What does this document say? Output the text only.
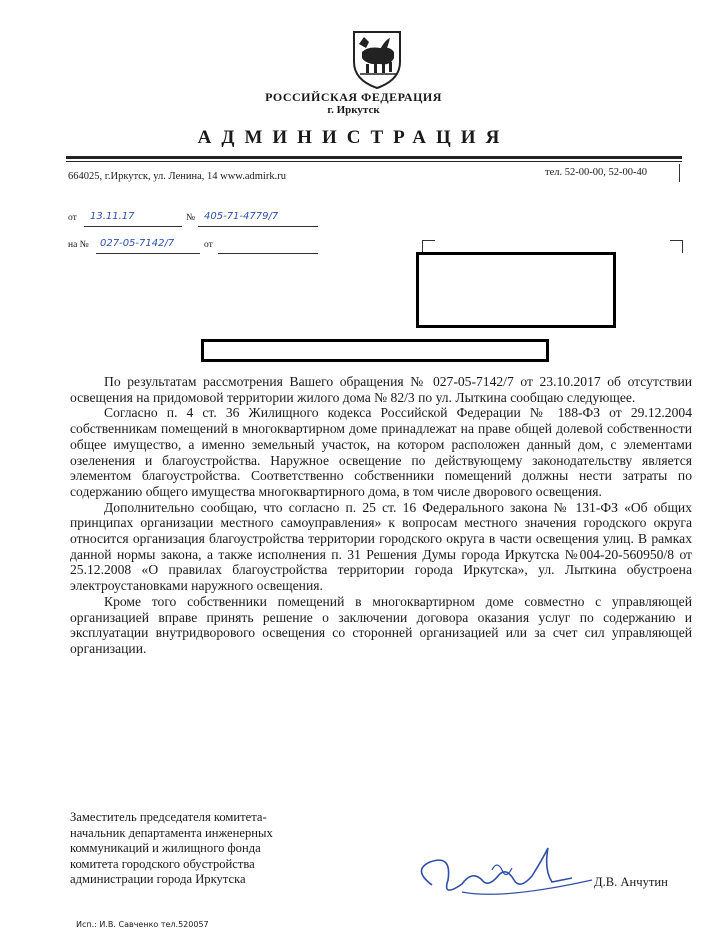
РОССИЙСКАЯ ФЕДЕРАЦИЯ
г. Иркутск
АДМИНИСТРАЦИЯ
664025, г.Иркутск, ул. Ленина, 14 www.admirk.ru	тел. 52-00-00, 52-00-40
от 13.11.17	№ 405-71-4779/7
на № 027-05-7142/7	от

По результатам рассмотрения Вашего обращения № 027-05-7142/7 от 23.10.2017 об отсутствии освещения на придомовой территории жилого дома № 82/3 по ул. Лыткина сообщаю следующее.

Согласно п. 4 ст. 36 Жилищного кодекса Российской Федерации № 188-ФЗ от 29.12.2004 собственникам помещений в многоквартирном доме принадлежат на праве общей долевой собственности общее имущество, а именно земельный участок, на котором расположен данный дом, с элементами озеленения и благоустройства. Наружное освещение по действующему законодательству является элементом благоустройства. Соответственно собственники помещений должны нести затраты по содержанию общего имущества многоквартирного дома, в том числе дворового освещения.

Дополнительно сообщаю, что согласно п. 25 ст. 16 Федерального закона № 131-ФЗ «Об общих принципах организации местного самоуправления» к вопросам местного значения городского округа относится организация благоустройства территории городского округа в части освещения улиц. В рамках данной нормы закона, а также исполнения п. 31 Решения Думы города Иркутска №004-20-560950/8 от 25.12.2008 «О правилах благоустройства территории города Иркутска», ул. Лыткина обустроена электроустановками наружного освещения.

Кроме того собственники помещений в многоквартирном доме совместно с управляющей организацией вправе принять решение о заключении договора оказания услуг по содержанию и эксплуатации внутридворового освещения со сторонней организацией или за счет сил управляющей организации.

Заместитель председателя комитета-
начальник департамента инженерных
коммуникаций и жилищного фонда
комитета городского обустройства
администрации города Иркутска	Д.В. Анчутин
Исп.: И.В. Савченко тел.520057
